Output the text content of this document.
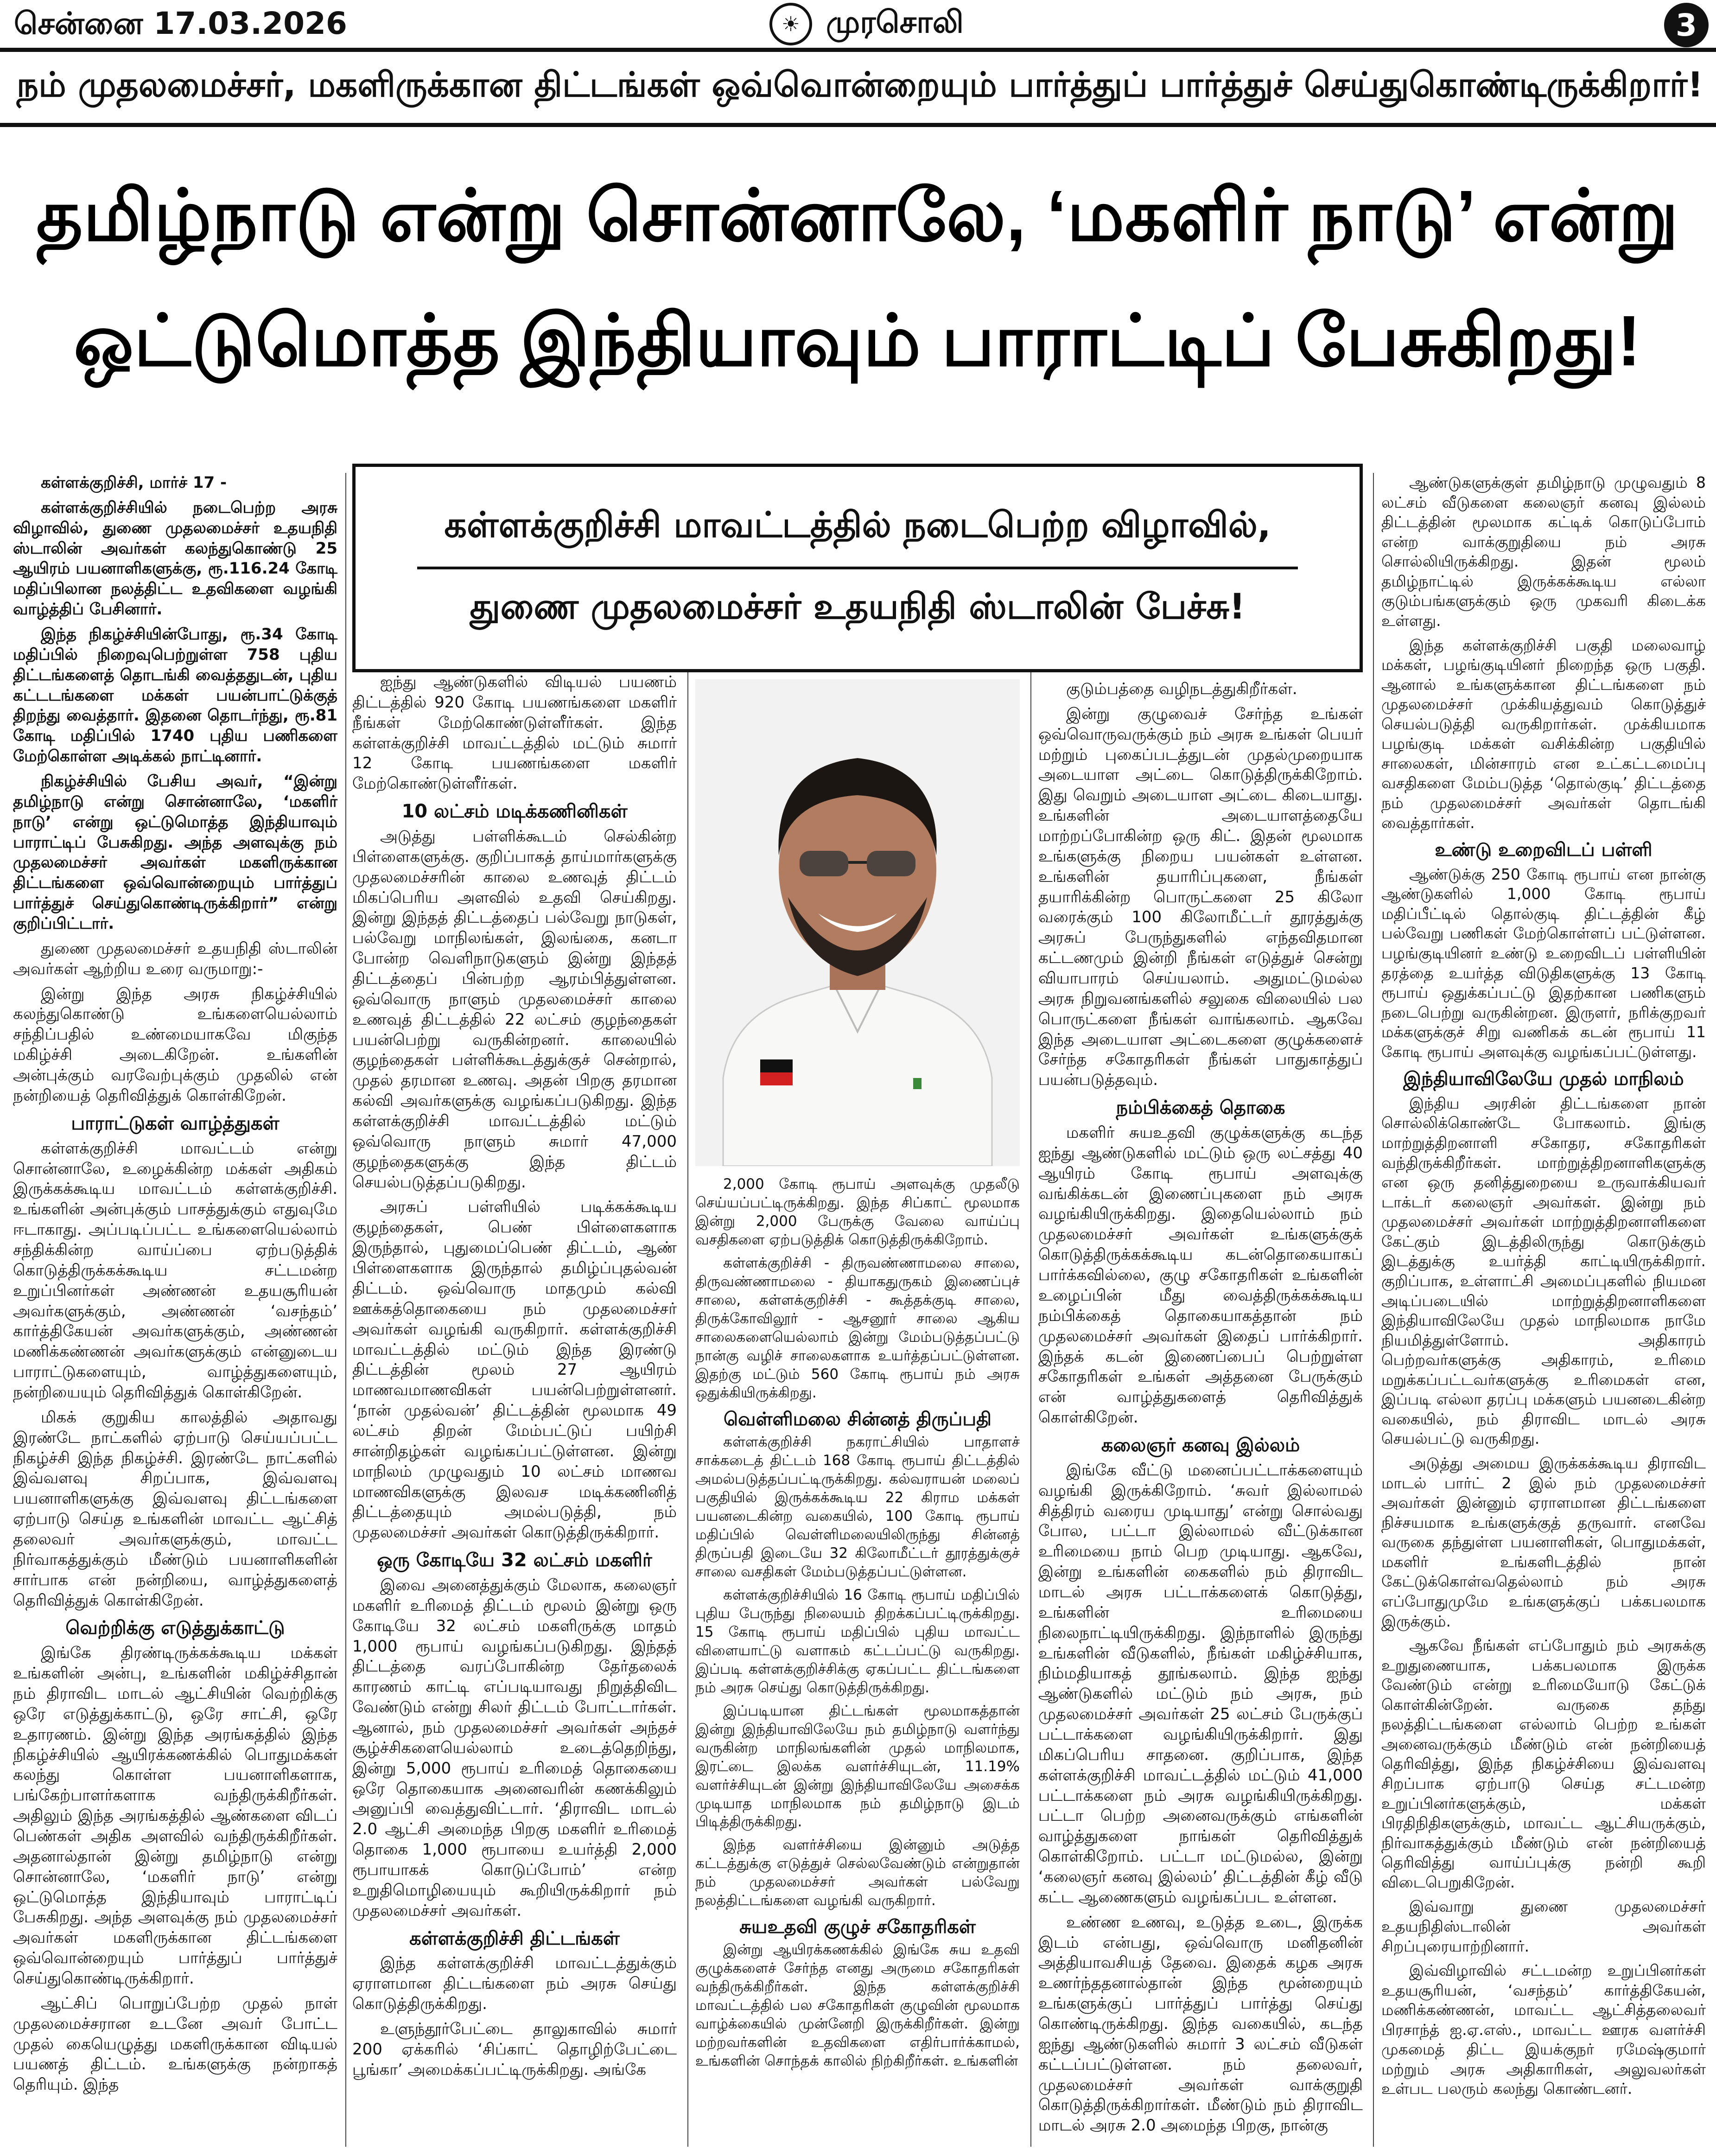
சென்னை 17.03.2026	☀ முரசொலி	3
நம் முதலமைச்சர், மகளிருக்கான திட்டங்கள் ஒவ்வொன்றையும் பார்த்துப் பார்த்துச் செய்துகொண்டிருக்கிறார்!
தமிழ்நாடு என்று சொன்னாலே, ‘மகளிர் நாடு’ என்று
ஒட்டுமொத்த இந்தியாவும் பாராட்டிப் பேசுகிறது!
கள்ளக்குறிச்சி மாவட்டத்தில் நடைபெற்ற விழாவில்,
துணை முதலமைச்சர் உதயநிதி ஸ்டாலின் பேச்சு!

கள்ளக்குறிச்சி, மார்ச் 17 -

கள்ளக்குறிச்சியில் நடைபெற்ற அரசு விழாவில், துணை முதலமைச்சர் உதயநிதி ஸ்டாலின் அவர்கள் கலந்துகொண்டு 25 ஆயிரம் பயனாளிகளுக்கு, ரூ.116.24 கோடி மதிப்பிலான நலத்திட்ட உதவிகளை வழங்கி வாழ்த்திப் பேசினார்.

இந்த நிகழ்ச்சியின்போது, ரூ.34 கோடி மதிப்பில் நிறைவுபெற்றுள்ள 758 புதிய திட்டங்களைத் தொடங்கி வைத்ததுடன், புதிய கட்டடங்களை மக்கள் பயன்பாட்டுக்குத் திறந்து வைத்தார். இதனை தொடர்ந்து, ரூ.81 கோடி மதிப்பில் 1740 புதிய பணிகளை மேற்கொள்ள அடிக்கல் நாட்டினார்.

நிகழ்ச்சியில் பேசிய அவர், “இன்று தமிழ்நாடு என்று சொன்னாலே, ‘மகளிர் நாடு’ என்று ஒட்டுமொத்த இந்தியாவும் பாராட்டிப் பேசுகிறது. அந்த அளவுக்கு நம் முதலமைச்சர் அவர்கள் மகளிருக்கான திட்டங்களை ஒவ்வொன்றையும் பார்த்துப் பார்த்துச் செய்துகொண்டிருக்கிறார்” என்று குறிப்பிட்டார்.

துணை முதலமைச்சர் உதயநிதி ஸ்டாலின் அவர்கள் ஆற்றிய உரை வருமாறு:-

இன்று இந்த அரசு நிகழ்ச்சியில் கலந்துகொண்டு உங்களையெல்லாம் சந்திப்பதில் உண்மையாகவே மிகுந்த மகிழ்ச்சி அடைகிறேன். உங்களின் அன்புக்கும் வரவேற்புக்கும் முதலில் என் நன்றியைத் தெரிவித்துக் கொள்கிறேன்.

பாராட்டுகள் வாழ்த்துகள்

கள்ளக்குறிச்சி மாவட்டம் என்று சொன்னாலே, உழைக்கின்ற மக்கள் அதிகம் இருக்கக்கூடிய மாவட்டம் கள்ளக்குறிச்சி. உங்களின் அன்புக்கும் பாசத்துக்கும் எதுவுமே ஈடாகாது. அப்படிப்பட்ட உங்களையெல்லாம் சந்திக்கின்ற வாய்ப்பை ஏற்படுத்திக் கொடுத்திருக்கக்கூடிய சட்டமன்ற உறுப்பினர்கள் அண்ணன் உதயசூரியன் அவர்களுக்கும், அண்ணன் ‘வசந்தம்’ கார்த்திகேயன் அவர்களுக்கும், அண்ணன் மணிக்கண்ணன் அவர்களுக்கும் என்னுடைய பாராட்டுகளையும், வாழ்த்துகளையும், நன்றியையும் தெரிவித்துக் கொள்கிறேன்.

மிகக் குறுகிய காலத்தில் அதாவது இரண்டே நாட்களில் ஏற்பாடு செய்யப்பட்ட நிகழ்ச்சி இந்த நிகழ்ச்சி. இரண்டே நாட்களில் இவ்வளவு சிறப்பாக, இவ்வளவு பயனாளிகளுக்கு இவ்வளவு திட்டங்களை ஏற்பாடு செய்த உங்களின் மாவட்ட ஆட்சித் தலைவர் அவர்களுக்கும், மாவட்ட நிர்வாகத்துக்கும் மீண்டும் பயனாளிகளின் சார்பாக என் நன்றியை, வாழ்த்துகளைத் தெரிவித்துக் கொள்கிறேன்.

வெற்றிக்கு எடுத்துக்காட்டு

இங்கே திரண்டிருக்கக்கூடிய மக்கள் உங்களின் அன்பு, உங்களின் மகிழ்ச்சிதான் நம் திராவிட மாடல் ஆட்சியின் வெற்றிக்கு ஒரே எடுத்துக்காட்டு, ஒரே சாட்சி, ஒரே உதாரணம். இன்று இந்த அரங்கத்தில் இந்த நிகழ்ச்சியில் ஆயிரக்கணக்கில் பொதுமக்கள் கலந்து கொள்ள பயனாளிகளாக, பங்கேற்பாளர்களாக வந்திருக்கிறீர்கள். அதிலும் இந்த அரங்கத்தில் ஆண்களை விடப் பெண்கள் அதிக அளவில் வந்திருக்கிறீர்கள். அதனால்தான் இன்று தமிழ்நாடு என்று சொன்னாலே, ‘மகளிர் நாடு’ என்று ஒட்டுமொத்த இந்தியாவும் பாராட்டிப் பேசுகிறது. அந்த அளவுக்கு நம் முதலமைச்சர் அவர்கள் மகளிருக்கான திட்டங்களை ஒவ்வொன்றையும் பார்த்துப் பார்த்துச் செய்துகொண்டிருக்கிறார்.

ஆட்சிப் பொறுப்பேற்ற முதல் நாள் முதலமைச்சரான உடனே அவர் போட்ட முதல் கையெழுத்து மகளிருக்கான விடியல் பயணத் திட்டம். உங்களுக்கு நன்றாகத் தெரியும். இந்த

ஐந்து ஆண்டுகளில் விடியல் பயணம் திட்டத்தில் 920 கோடி பயணங்களை மகளிர் நீங்கள் மேற்கொண்டுள்ளீர்கள். இந்த கள்ளக்குறிச்சி மாவட்டத்தில் மட்டும் சுமார் 12 கோடி பயணங்களை மகளிர் மேற்கொண்டுள்ளீர்கள்.

10 லட்சம் மடிக்கணினிகள்

அடுத்து பள்ளிக்கூடம் செல்கின்ற பிள்ளைகளுக்கு. குறிப்பாகத் தாய்மார்களுக்கு முதலமைச்சரின் காலை உணவுத் திட்டம் மிகப்பெரிய அளவில் உதவி செய்கிறது. இன்று இந்தத் திட்டத்தைப் பல்வேறு நாடுகள், பல்வேறு மாநிலங்கள், இலங்கை, கனடா போன்ற வெளிநாடுகளும் இன்று இந்தத் திட்டத்தைப் பின்பற்ற ஆரம்பித்துள்ளன. ஒவ்வொரு நாளும் முதலமைச்சர் காலை உணவுத் திட்டத்தில் 22 லட்சம் குழந்தைகள் பயன்பெற்று வருகின்றனர். காலையில் குழந்தைகள் பள்ளிக்கூடத்துக்குச் சென்றால், முதல் தரமான உணவு. அதன் பிறகு தரமான கல்வி அவர்களுக்கு வழங்கப்படுகிறது. இந்த கள்ளக்குறிச்சி மாவட்டத்தில் மட்டும் ஒவ்வொரு நாளும் சுமார் 47,000 குழந்தைகளுக்கு இந்த திட்டம் செயல்படுத்தப்படுகிறது.

அரசுப் பள்ளியில் படிக்கக்கூடிய குழந்தைகள், பெண் பிள்ளைகளாக இருந்தால், புதுமைப்பெண் திட்டம், ஆண் பிள்ளைகளாக இருந்தால் தமிழ்ப்புதல்வன் திட்டம். ஒவ்வொரு மாதமும் கல்வி ஊக்கத்தொகையை நம் முதலமைச்சர் அவர்கள் வழங்கி வருகிறார். கள்ளக்குறிச்சி மாவட்டத்தில் மட்டும் இந்த இரண்டு திட்டத்தின் மூலம் 27 ஆயிரம் மாணவமாணவிகள் பயன்பெற்றுள்ளனர். ‘நான் முதல்வன்’ திட்டத்தின் மூலமாக 49 லட்சம் திறன் மேம்பட்டுப் பயிற்சி சான்றிதழ்கள் வழங்கப்பட்டுள்ளன. இன்று மாநிலம் முழுவதும் 10 லட்சம் மாணவ மாணவிகளுக்கு இலவச மடிக்கணினித் திட்டத்தையும் அமல்படுத்தி, நம் முதலமைச்சர் அவர்கள் கொடுத்திருக்கிறார்.

ஒரு கோடியே 32 லட்சம் மகளிர்

இவை அனைத்துக்கும் மேலாக, கலைஞர் மகளிர் உரிமைத் திட்டம் மூலம் இன்று ஒரு கோடியே 32 லட்சம் மகளிருக்கு மாதம் 1,000 ரூபாய் வழங்கப்படுகிறது. இந்தத் திட்டத்தை வரப்போகின்ற தேர்தலைக் காரணம் காட்டி எப்படியாவது நிறுத்திவிட வேண்டும் என்று சிலர் திட்டம் போட்டார்கள். ஆனால், நம் முதலமைச்சர் அவர்கள் அந்தச் சூழ்ச்சிகளையெல்லாம் உடைத்தெறிந்து, இன்று 5,000 ரூபாய் உரிமைத் தொகையை ஒரே தொகையாக அனைவரின் கணக்கிலும் அனுப்பி வைத்துவிட்டார். ‘திராவிட மாடல் 2.0 ஆட்சி அமைந்த பிறகு மகளிர் உரிமைத் தொகை 1,000 ரூபாயை உயர்த்தி 2,000 ரூபாயாகக் கொடுப்போம்’ என்ற உறுதிமொழியையும் கூறியிருக்கிறார் நம் முதலமைச்சர் அவர்கள்.

கள்ளக்குறிச்சி திட்டங்கள்

இந்த கள்ளக்குறிச்சி மாவட்டத்துக்கும் ஏராளமான திட்டங்களை நம் அரசு செய்து கொடுத்திருக்கிறது.

உளுந்தூர்பேட்டை தாலுகாவில் சுமார் 200 ஏக்கரில் ‘சிப்காட் தொழிற்பேட்டை பூங்கா’ அமைக்கப்பட்டிருக்கிறது. அங்கே

2,000 கோடி ரூபாய் அளவுக்கு முதலீடு செய்யப்பட்டிருக்கிறது. இந்த சிப்காட் மூலமாக இன்று 2,000 பேருக்கு வேலை வாய்ப்பு வசதிகளை ஏற்படுத்திக் கொடுத்திருக்கிறோம்.

கள்ளக்குறிச்சி - திருவண்ணாமலை சாலை, திருவண்ணாமலை - தியாகதுருகம் இணைப்புச் சாலை, கள்ளக்குறிச்சி - கூத்தக்குடி சாலை, திருக்கோவிலூர் - ஆசனூர் சாலை ஆகிய சாலைகளையெல்லாம் இன்று மேம்படுத்தப்பட்டு நான்கு வழிச் சாலைகளாக உயர்த்தப்பட்டுள்ளன. இதற்கு மட்டும் 560 கோடி ரூபாய் நம் அரசு ஒதுக்கியிருக்கிறது.

வெள்ளிமலை சின்னத் திருப்பதி

கள்ளக்குறிச்சி நகராட்சியில் பாதாளச் சாக்கடைத் திட்டம் 168 கோடி ரூபாய் திட்டத்தில் அமல்படுத்தப்பட்டிருக்கிறது. கல்வராயன் மலைப் பகுதியில் இருக்கக்கூடிய 22 கிராம மக்கள் பயனடைகின்ற வகையில், 100 கோடி ரூபாய் மதிப்பில் வெள்ளிமலையிலிருந்து சின்னத் திருப்பதி இடையே 32 கிலோமீட்டர் தூரத்துக்குச் சாலை வசதிகள் மேம்படுத்தப்பட்டுள்ளன.

கள்ளக்குறிச்சியில் 16 கோடி ரூபாய் மதிப்பில் புதிய பேருந்து நிலையம் திறக்கப்பட்டிருக்கிறது. 15 கோடி ரூபாய் மதிப்பில் புதிய மாவட்ட விளையாட்டு வளாகம் கட்டப்பட்டு வருகிறது. இப்படி கள்ளக்குறிச்சிக்கு ஏகப்பட்ட திட்டங்களை நம் அரசு செய்து கொடுத்திருக்கிறது.

இப்படியான திட்டங்கள் மூலமாகத்தான் இன்று இந்தியாவிலேயே நம் தமிழ்நாடு வளர்ந்து வருகின்ற மாநிலங்களின் முதல் மாநிலமாக, இரட்டை இலக்க வளர்ச்சியுடன், 11.19% வளர்ச்சியுடன் இன்று இந்தியாவிலேயே அசைக்க முடியாத மாநிலமாக நம் தமிழ்நாடு இடம் பிடித்திருக்கிறது.

இந்த வளர்ச்சியை இன்னும் அடுத்த கட்டத்துக்கு எடுத்துச் செல்லவேண்டும் என்றுதான் நம் முதலமைச்சர் அவர்கள் பல்வேறு நலத்திட்டங்களை வழங்கி வருகிறார்.

சுயஉதவி குழுச் சகோதரிகள்

இன்று ஆயிரக்கணக்கில் இங்கே சுய உதவி குழுக்களைச் சேர்ந்த எனது அருமை சகோதரிகள் வந்திருக்கிறீர்கள். இந்த கள்ளக்குறிச்சி மாவட்டத்தில் பல சகோதரிகள் குழுவின் மூலமாக வாழ்க்கையில் முன்னேறி இருக்கிறீர்கள். இன்று மற்றவர்களின் உதவிகளை எதிர்பார்க்காமல், உங்களின் சொந்தக் காலில் நிற்கிறீர்கள். உங்களின்

குடும்பத்தை வழிநடத்துகிறீர்கள்.

இன்று குழுவைச் சேர்ந்த உங்கள் ஒவ்வொருவருக்கும் நம் அரசு உங்கள் பெயர் மற்றும் புகைப்படத்துடன் முதல்முறையாக அடையாள அட்டை கொடுத்திருக்கிறோம். இது வெறும் அடையாள அட்டை கிடையாது. உங்களின் அடையாளத்தையே மாற்றப்போகின்ற ஒரு கிட். இதன் மூலமாக உங்களுக்கு நிறைய பயன்கள் உள்ளன. உங்களின் தயாரிப்புகளை, நீங்கள் தயாரிக்கின்ற பொருட்களை 25 கிலோ வரைக்கும் 100 கிலோமீட்டர் தூரத்துக்கு அரசுப் பேருந்துகளில் எந்தவிதமான கட்டணமும் இன்றி நீங்கள் எடுத்துச் சென்று வியாபாரம் செய்யலாம். அதுமட்டுமல்ல அரசு நிறுவனங்களில் சலுகை விலையில் பல பொருட்களை நீங்கள் வாங்கலாம். ஆகவே இந்த அடையாள அட்டைகளை குழுக்களைச் சேர்ந்த சகோதரிகள் நீங்கள் பாதுகாத்துப் பயன்படுத்தவும்.

நம்பிக்கைத் தொகை

மகளிர் சுயஉதவி குழுக்களுக்கு கடந்த ஐந்து ஆண்டுகளில் மட்டும் ஒரு லட்சத்து 40 ஆயிரம் கோடி ரூபாய் அளவுக்கு வங்கிக்கடன் இணைப்புகளை நம் அரசு வழங்கியிருக்கிறது. இதையெல்லாம் நம் முதலமைச்சர் அவர்கள் உங்களுக்குக் கொடுத்திருக்கக்கூடிய கடன்தொகையாகப் பார்க்கவில்லை, குழு சகோதரிகள் உங்களின் உழைப்பின் மீது வைத்திருக்கக்கூடிய நம்பிக்கைத் தொகையாகத்தான் நம் முதலமைச்சர் அவர்கள் இதைப் பார்க்கிறார். இந்தக் கடன் இணைப்பைப் பெற்றுள்ள சகோதரிகள் உங்கள் அத்தனை பேருக்கும் என் வாழ்த்துகளைத் தெரிவித்துக் கொள்கிறேன்.

கலைஞர் கனவு இல்லம்

இங்கே வீட்டு மனைப்பட்டாக்களையும் வழங்கி இருக்கிறோம். ‘சுவர் இல்லாமல் சித்திரம் வரைய முடியாது’ என்று சொல்வது போல, பட்டா இல்லாமல் வீட்டுக்கான உரிமையை நாம் பெற முடியாது. ஆகவே, இன்று உங்களின் கைகளில் நம் திராவிட மாடல் அரசு பட்டாக்களைக் கொடுத்து, உங்களின் உரிமையை நிலைநாட்டியிருக்கிறது. இந்நாளில் இருந்து உங்களின் வீடுகளில், நீங்கள் மகிழ்ச்சியாக, நிம்மதியாகத் தூங்கலாம். இந்த ஐந்து ஆண்டுகளில் மட்டும் நம் அரசு, நம் முதலமைச்சர் அவர்கள் 25 லட்சம் பேருக்குப் பட்டாக்களை வழங்கியிருக்கிறார். இது மிகப்பெரிய சாதனை. குறிப்பாக, இந்த கள்ளக்குறிச்சி மாவட்டத்தில் மட்டும் 41,000 பட்டாக்களை நம் அரசு வழங்கியிருக்கிறது. பட்டா பெற்ற அனைவருக்கும் எங்களின் வாழ்த்துகளை நாங்கள் தெரிவித்துக் கொள்கிறோம். பட்டா மட்டுமல்ல, இன்று ‘கலைஞர் கனவு இல்லம்’ திட்டத்தின் கீழ் வீடு கட்ட ஆணைகளும் வழங்கப்பட உள்ளன.

உண்ண உணவு, உடுத்த உடை, இருக்க இடம் என்பது, ஒவ்வொரு மனிதனின் அத்தியாவசியத் தேவை. இதைக் கழக அரசு உணர்ந்ததனால்தான் இந்த மூன்றையும் உங்களுக்குப் பார்த்துப் பார்த்து செய்து கொண்டிருக்கிறது. இந்த வகையில், கடந்த ஐந்து ஆண்டுகளில் சுமார் 3 லட்சம் வீடுகள் கட்டப்பட்டுள்ளன. நம் தலைவர், முதலமைச்சர் அவர்கள் வாக்குறுதி கொடுத்திருக்கிறார்கள். மீண்டும் நம் திராவிட மாடல் அரசு 2.0 அமைந்த பிறகு, நான்கு

ஆண்டுகளுக்குள் தமிழ்நாடு முழுவதும் 8 லட்சம் வீடுகளை கலைஞர் கனவு இல்லம் திட்டத்தின் மூலமாக கட்டிக் கொடுப்போம் என்ற வாக்குறுதியை நம் அரசு சொல்லியிருக்கிறது. இதன் மூலம் தமிழ்நாட்டில் இருக்கக்கூடிய எல்லா குடும்பங்களுக்கும் ஒரு முகவரி கிடைக்க உள்ளது.

இந்த கள்ளக்குறிச்சி பகுதி மலைவாழ் மக்கள், பழங்குடியினர் நிறைந்த ஒரு பகுதி. ஆனால் உங்களுக்கான திட்டங்களை நம் முதலமைச்சர் முக்கியத்துவம் கொடுத்துச் செயல்படுத்தி வருகிறார்கள். முக்கியமாக பழங்குடி மக்கள் வசிக்கின்ற பகுதியில் சாலைகள், மின்சாரம் என உட்கட்டமைப்பு வசதிகளை மேம்படுத்த ‘தொல்குடி’ திட்டத்தை நம் முதலமைச்சர் அவர்கள் தொடங்கி வைத்தார்கள்.

உண்டு உறைவிடப் பள்ளி

ஆண்டுக்கு 250 கோடி ரூபாய் என நான்கு ஆண்டுகளில் 1,000 கோடி ரூபாய் மதிப்பீட்டில் தொல்குடி திட்டத்தின் கீழ் பல்வேறு பணிகள் மேற்கொள்ளப் பட்டுள்ளன. பழங்குடியினர் உண்டு உறைவிடப் பள்ளியின் தரத்தை உயர்த்த விடுதிகளுக்கு 13 கோடி ரூபாய் ஒதுக்கப்பட்டு இதற்கான பணிகளும் நடைபெற்று வருகின்றன. இருளர், நரிக்குறவர் மக்களுக்குச் சிறு வணிகக் கடன் ரூபாய் 11 கோடி ரூபாய் அளவுக்கு வழங்கப்பட்டுள்ளது.

இந்தியாவிலேயே முதல் மாநிலம்

இந்திய அரசின் திட்டங்களை நான் சொல்லிக்கொண்டே போகலாம். இங்கு மாற்றுத்திறனாளி சகோதர, சகோதரிகள் வந்திருக்கிறீர்கள். மாற்றுத்திறனாளிகளுக்கு என ஒரு தனித்துறையை உருவாக்கியவர் டாக்டர் கலைஞர் அவர்கள். இன்று நம் முதலமைச்சர் அவர்கள் மாற்றுத்திறனாளிகளை கேட்கும் இடத்திலிருந்து கொடுக்கும் இடத்துக்கு உயர்த்தி காட்டியிருக்கிறார். குறிப்பாக, உள்ளாட்சி அமைப்புகளில் நியமன அடிப்படையில் மாற்றுத்திறனாளிகளை இந்தியாவிலேயே முதல் மாநிலமாக நாமே நியமித்துள்ளோம். அதிகாரம் பெற்றவர்களுக்கு அதிகாரம், உரிமை மறுக்கப்பட்டவர்களுக்கு உரிமைகள் என, இப்படி எல்லா தரப்பு மக்களும் பயனடைகின்ற வகையில், நம் திராவிட மாடல் அரசு செயல்பட்டு வருகிறது.

அடுத்து அமைய இருக்கக்கூடிய திராவிட மாடல் பார்ட் 2 இல் நம் முதலமைச்சர் அவர்கள் இன்னும் ஏராளமான திட்டங்களை நிச்சயமாக உங்களுக்குத் தருவார். எனவே வருகை தந்துள்ள பயனாளிகள், பொதுமக்கள், மகளிர் உங்களிடத்தில் நான் கேட்டுக்கொள்வதெல்லாம் நம் அரசு எப்போதுமுமே உங்களுக்குப் பக்கபலமாக இருக்கும்.

ஆகவே நீங்கள் எப்போதும் நம் அரசுக்கு உறுதுணையாக, பக்கபலமாக இருக்க வேண்டும் என்று உரிமையோடு கேட்டுக் கொள்கின்றேன். வருகை தந்து நலத்திட்டங்களை எல்லாம் பெற்ற உங்கள் அனைவருக்கும் மீண்டும் என் நன்றியைத் தெரிவித்து, இந்த நிகழ்ச்சியை இவ்வளவு சிறப்பாக ஏற்பாடு செய்த சட்டமன்ற உறுப்பினர்களுக்கும், மக்கள் பிரதிநிதிகளுக்கும், மாவட்ட ஆட்சியருக்கும், நிர்வாகத்துக்கும் மீண்டும் என் நன்றியைத் தெரிவித்து வாய்ப்புக்கு நன்றி கூறி விடைபெறுகிறேன்.

இவ்வாறு துணை முதலமைச்சர் உதயநிதிஸ்டாலின் அவர்கள் சிறப்புரையாற்றினார்.

இவ்விழாவில் சட்டமன்ற உறுப்பினர்கள் உதயசூரியன், ‘வசந்தம்’ கார்த்திகேயன், மணிக்கண்ணன், மாவட்ட ஆட்சித்தலைவர் பிரசாந்த் ஐ.ஏ.எஸ்., மாவட்ட ஊரக வளர்ச்சி முகமைத் திட்ட இயக்குநர் ரமேஷ்குமார் மற்றும் அரசு அதிகாரிகள், அலுவலர்கள் உள்பட பலரும் கலந்து கொண்டனர்.
